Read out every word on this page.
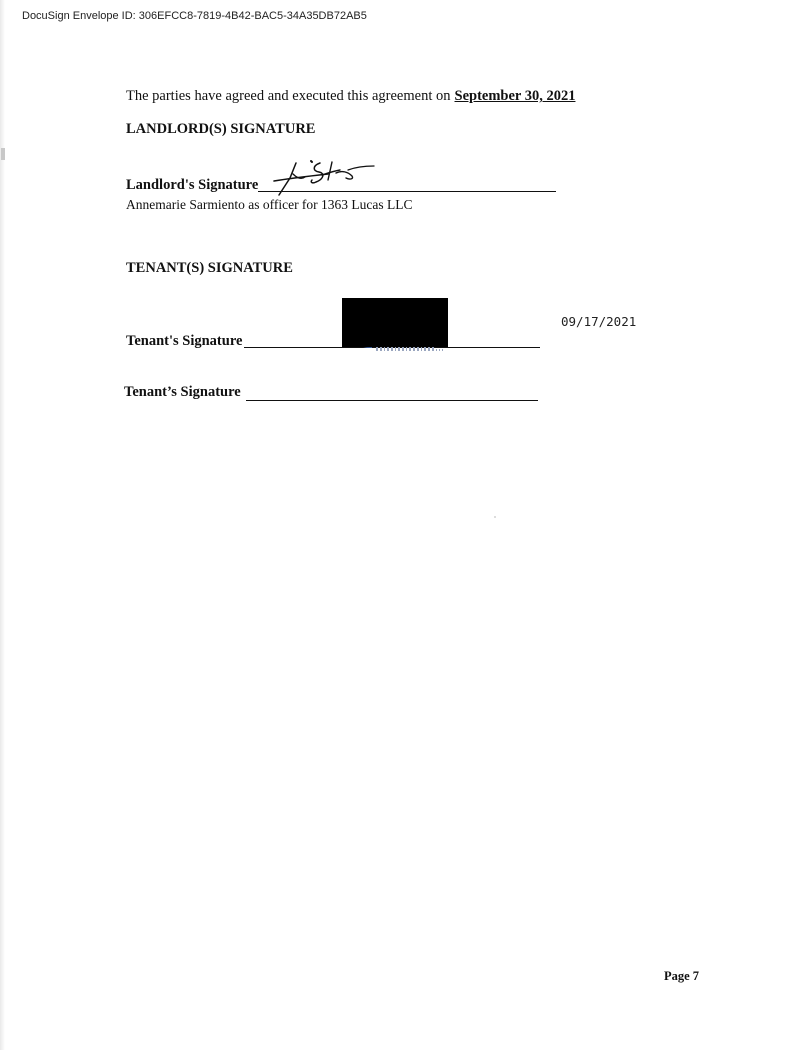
DocuSign Envelope ID: 306EFCC8-7819-4B42-BAC5-34A35DB72AB5
The parties have agreed and executed this agreement on September 30, 2021
LANDLORD(S) SIGNATURE
Landlord's Signature
Annemarie Sarmiento as officer for 1363 Lucas LLC
TENANT(S) SIGNATURE
Tenant's Signature
09/17/2021
Tenant’s Signature
Page 7
